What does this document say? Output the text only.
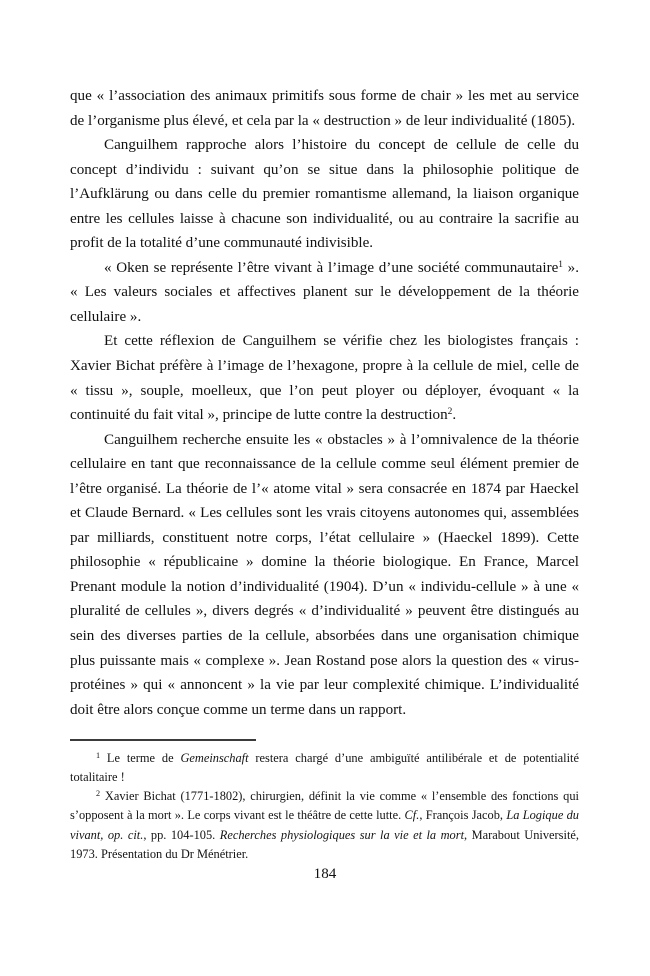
que « l’association des animaux primitifs sous forme de chair » les met au service de l’organisme plus élevé, et cela par la « destruction » de leur individualité (1805).

Canguilhem rapproche alors l’histoire du concept de cellule de celle du concept d’individu : suivant qu’on se situe dans la philosophie politique de l’Aufklärung ou dans celle du premier romantisme allemand, la liaison organique entre les cellules laisse à chacune son individualité, ou au contraire la sacrifie au profit de la totalité d’une communauté indivisible.

« Oken se représente l’être vivant à l’image d’une société communautaire$^1$ ». « Les valeurs sociales et affectives planent sur le développement de la théorie cellulaire ».

Et cette réflexion de Canguilhem se vérifie chez les biologistes français : Xavier Bichat préfère à l’image de l’hexagone, propre à la cellule de miel, celle de « tissu », souple, moelleux, que l’on peut ployer ou déployer, évoquant « la continuité du fait vital », principe de lutte contre la destruction$^2$.

Canguilhem recherche ensuite les « obstacles » à l’omnivalence de la théorie cellulaire en tant que reconnaissance de la cellule comme seul élément premier de l’être organisé. La théorie de l’« atome vital » sera consacrée en 1874 par Haeckel et Claude Bernard. « Les cellules sont les vrais citoyens autonomes qui, assemblées par milliards, constituent notre corps, l’état cellulaire » (Haeckel 1899). Cette philosophie « républicaine » domine la théorie biologique. En France, Marcel Prenant module la notion d’individualité (1904). D’un « individu-cellule » à une « pluralité de cellules », divers degrés « d’individualité » peuvent être distingués au sein des diverses parties de la cellule, absorbées dans une organisation chimique plus puissante mais « complexe ». Jean Rostand pose alors la question des « virus-protéines » qui « annoncent » la vie par leur complexité chimique. L’individualité doit être alors conçue comme un terme dans un rapport.

$^1$ Le terme de Gemeinschaft restera chargé d’une ambiguïté antilibérale et de potentialité totalitaire !

$^2$ Xavier Bichat (1771-1802), chirurgien, définit la vie comme « l’ensemble des fonctions qui s’opposent à la mort ». Le corps vivant est le théâtre de cette lutte. Cf., François Jacob, La Logique du vivant, op. cit., pp. 104-105. Recherches physiologiques sur la vie et la mort, Marabout Université, 1973. Présentation du Dr Ménétrier.

184
